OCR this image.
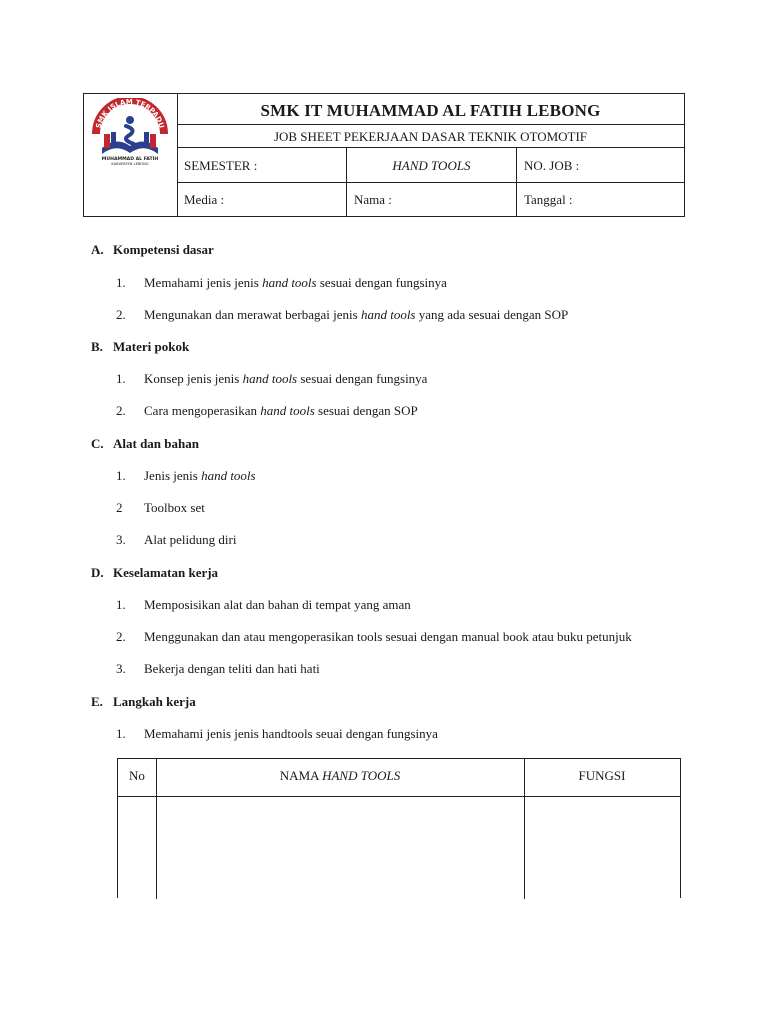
SMK ISLAM TERPADU
MUHAMMAD AL FATIH
KABUPATEN LEBONG
SMK IT MUHAMMAD AL FATIH LEBONG
JOB SHEET PEKERJAAN DASAR TEKNIK OTOMOTIF
SEMESTER :	HAND TOOLS	NO. JOB :
Media :	Nama :	Tanggal :
A. Kompetensi dasar
1. Memahami jenis jenis hand tools sesuai dengan fungsinya
2. Mengunakan dan merawat berbagai jenis hand tools yang ada sesuai dengan SOP
B. Materi pokok
1. Konsep jenis jenis hand tools sesuai dengan fungsinya
2. Cara mengoperasikan hand tools sesuai dengan SOP
C. Alat dan bahan
1. Jenis jenis hand tools
2 Toolbox set
3. Alat pelidung diri
D. Keselamatan kerja
1. Memposisikan alat dan bahan di tempat yang aman
2. Menggunakan dan atau mengoperasikan tools sesuai dengan manual book atau buku petunjuk
3. Bekerja dengan teliti dan hati hati
E. Langkah kerja
1. Memahami jenis jenis handtools seuai dengan fungsinya
No	NAMA HAND TOOLS	FUNGSI
